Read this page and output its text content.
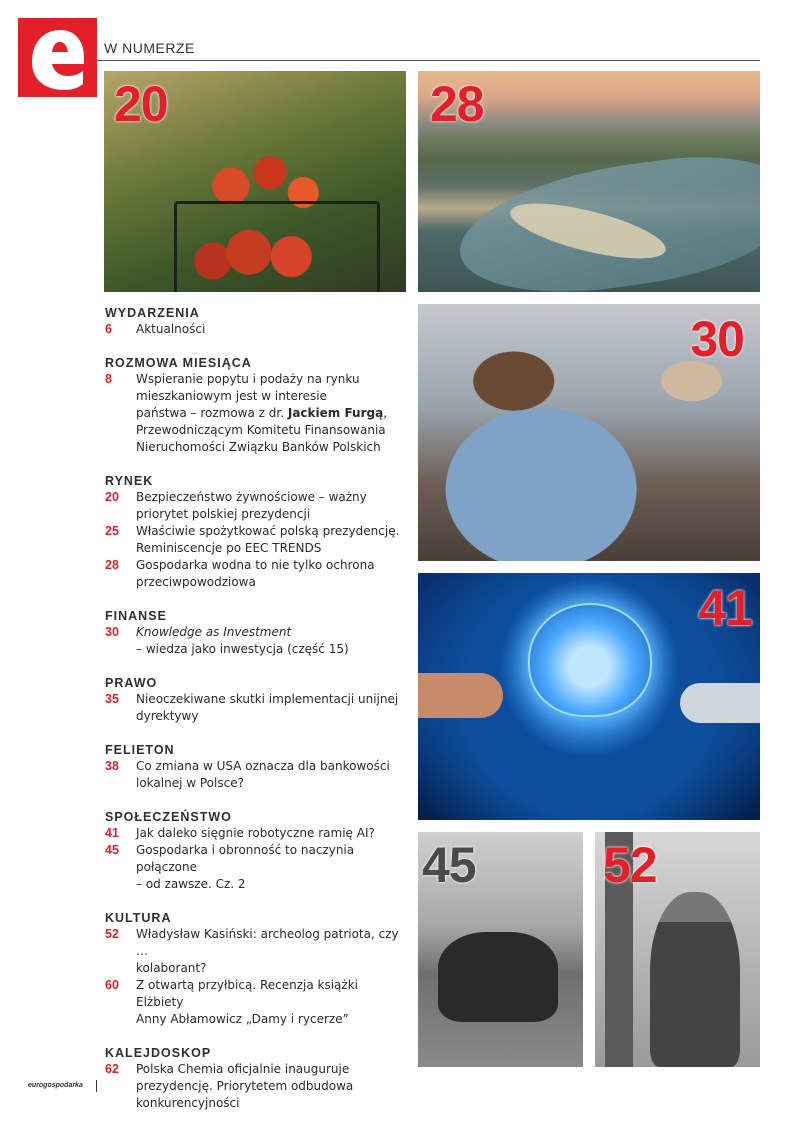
4 W NUMERZE
20	28
30
41
45	52
WYDARZENIA
6	Aktualności
ROZMOWA MIESIĄCA
8	Wspieranie popytu i podaży na rynku
mieszkaniowym jest w interesie
państwa – rozmowa z dr. Jackiem Furgą,
Przewodniczącym Komitetu Finansowania
Nieruchomości Związku Banków Polskich
RYNEK
20	Bezpieczeństwo żywnościowe – ważny
priorytet polskiej prezydencji
25	Właściwie spożytkować polską prezydencję.
Reminiscencje po EEC TRENDS
28	Gospodarka wodna to nie tylko ochrona
przeciwpowodziowa
FINANSE
30	Knowledge as Investment
– wiedza jako inwestycja (część 15)
PRAWO
35	Nieoczekiwane skutki implementacji unijnej
dyrektywy
FELIETON
38	Co zmiana w USA oznacza dla bankowości
lokalnej w Polsce?
SPOŁECZEŃSTWO
41	Jak daleko sięgnie robotyczne ramię AI?
45	Gospodarka i obronność to naczynia połączone
– od zawsze. Cz. 2
KULTURA
52	Władysław Kasiński: archeolog patriota, czy …
kolaborant?
60	Z otwartą przyłbicą. Recenzja książki Elżbiety
Anny Abłamowicz „Damy i rycerze”
KALEJDOSKOP
62	Polska Chemia oficjalnie inauguruje
prezydencję. Priorytetem odbudowa
konkurencyjności
eurogospodarka
